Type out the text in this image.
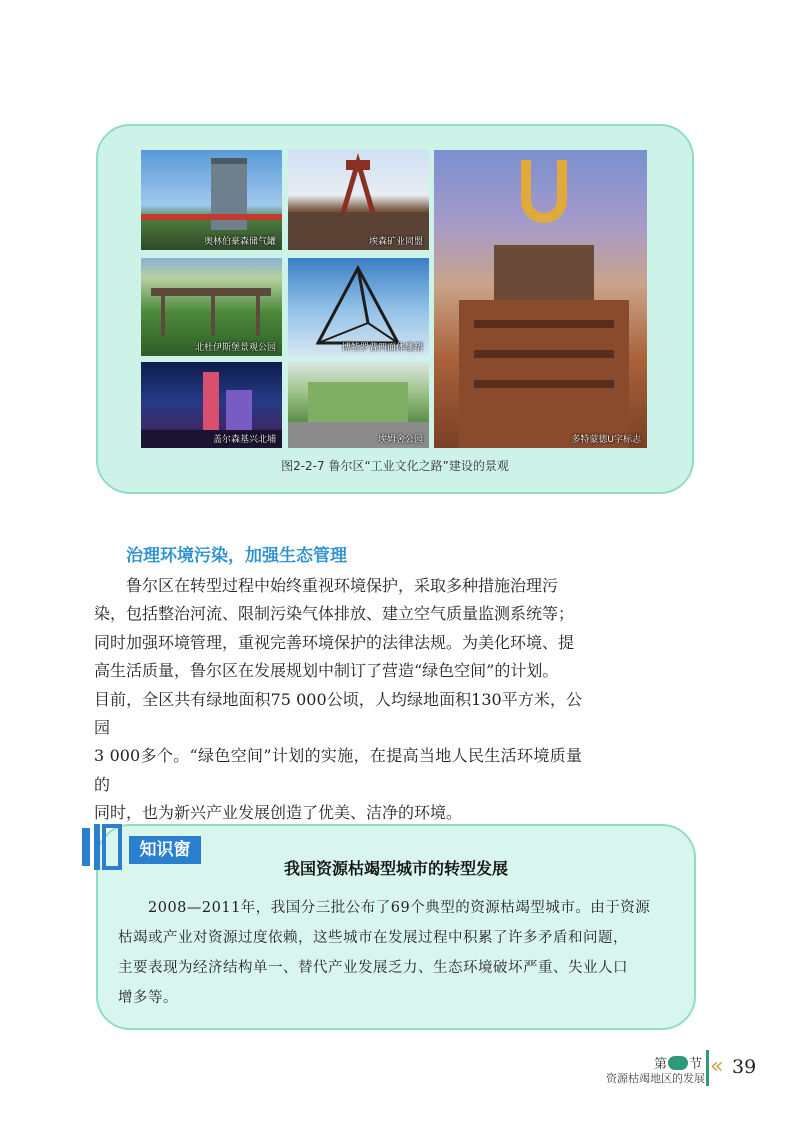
奥林伯豪森储气罐	埃森矿业同盟
北杜伊斯堡景观公园	博特罗普四面体雕塑
盖尔森基兴北埔	埃姆舍公园	多特蒙德U字标志
图2-2-7 鲁尔区“工业文化之路”建设的景观
治理环境污染，加强生态管理

鲁尔区在转型过程中始终重视环境保护，采取多种措施治理污

染，包括整治河流、限制污染气体排放、建立空气质量监测系统等；

同时加强环境管理，重视完善环境保护的法律法规。为美化环境、提

高生活质量，鲁尔区在发展规划中制订了营造“绿色空间”的计划。

目前，全区共有绿地面积75 000公顷，人均绿地面积130平方米，公园

3 000多个。“绿色空间”计划的实施，在提高当地人民生活环境质量的

同时，也为新兴产业发展创造了优美、洁净的环境。

知识窗
我国资源枯竭型城市的转型发展

2008—2011年，我国分三批公布了69个典型的资源枯竭型城市。由于资源

枯竭或产业对资源过度依赖，这些城市在发展过程中积累了许多矛盾和问题，

主要表现为经济结构单一、替代产业发展乏力、生态环境破坏严重、失业人口

增多等。

第 节
资源枯竭地区的发展 « 39
